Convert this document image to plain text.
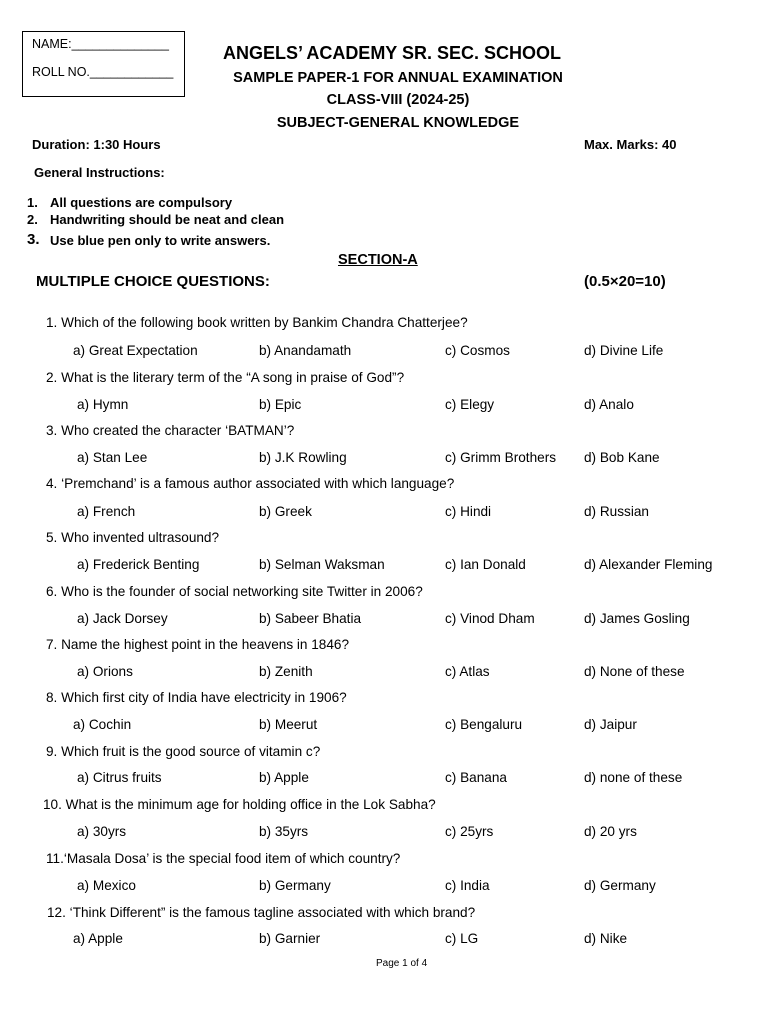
NAME:______________
ROLL NO.____________
ANGELS’ ACADEMY SR. SEC. SCHOOL
SAMPLE PAPER-1 FOR ANNUAL EXAMINATION
CLASS-VIII (2024-25)
SUBJECT-GENERAL KNOWLEDGE
Duration: 1:30 Hours	Max. Marks: 40
General Instructions:
1. All questions are compulsory
2. Handwriting should be neat and clean
3. Use blue pen only to write answers.
SECTION-A
MULTIPLE CHOICE QUESTIONS:	(0.5×20=10)
1. Which of the following book written by Bankim Chandra Chatterjee?
a) Great Expectation	b) Anandamath	c) Cosmos	d) Divine Life
2. What is the literary term of the “A song in praise of God”?
a) Hymn	b) Epic	c) Elegy	d) Analo
3. Who created the character ‘BATMAN’?
a) Stan Lee	b) J.K Rowling	c) Grimm Brothers d) Bob Kane
4. ‘Premchand’ is a famous author associated with which language?
a) French	b) Greek	c) Hindi	d) Russian
5. Who invented ultrasound?
a) Frederick Benting	b) Selman Waksman	c) Ian Donald	d) Alexander Fleming
6. Who is the founder of social networking site Twitter in 2006?
a) Jack Dorsey	b) Sabeer Bhatia	c) Vinod Dham	d) James Gosling
7. Name the highest point in the heavens in 1846?
a) Orions	b) Zenith	c) Atlas	d) None of these
8. Which first city of India have electricity in 1906?
a) Cochin	b) Meerut	c) Bengaluru	d) Jaipur
9. Which fruit is the good source of vitamin c?
a) Citrus fruits	b) Apple	c) Banana	d) none of these
10. What is the minimum age for holding office in the Lok Sabha?
a) 30yrs	b) 35yrs	c) 25yrs	d) 20 yrs
11.‘Masala Dosa’ is the special food item of which country?
a) Mexico	b) Germany	c) India	d) Germany
12. ‘Think Different” is the famous tagline associated with which brand?
a) Apple	b) Garnier	c) LG	d) Nike
Page 1 of 4
